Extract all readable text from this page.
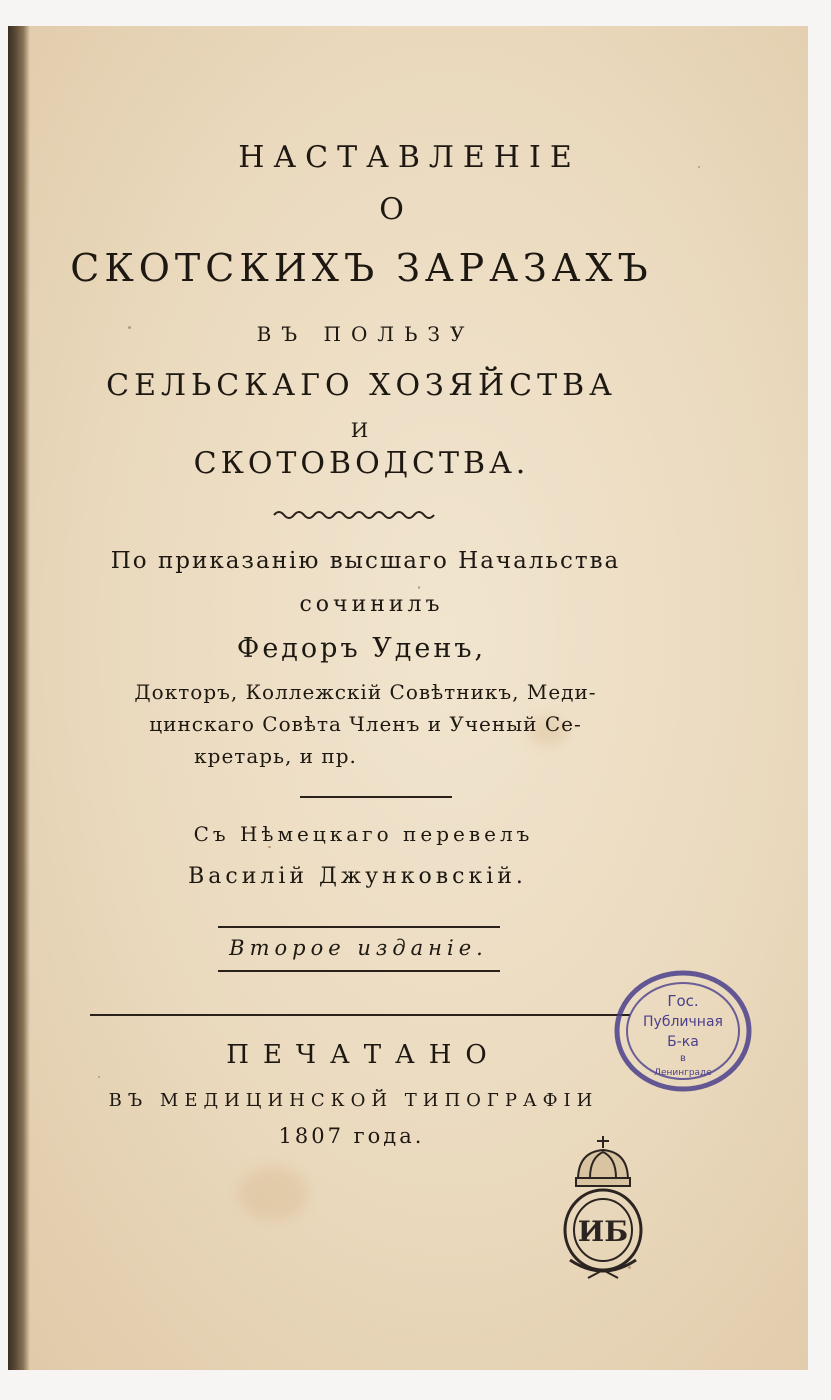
НАСТАВЛЕНІЕ
О
СКОТСКИХЪ ЗАРАЗАХЪ
ВЪ ПОЛЬЗУ
СЕЛЬСКАГО ХОЗЯЙСТВА
И
СКОТОВОДСТВА.
По приказанію высшаго Начальства
сочинилъ
Федоръ Уденъ,
Докторъ, Коллежскій Совѣтникъ, Меди-
цинскаго Совѣта Членъ и Ученый Се-
кретарь, и пр.
Съ Нѣмецкаго перевелъ
Василій Джунковскій.
Второе изданіе.
ПЕЧАТАНО
ВЪ МЕДИЦИНСКОЙ ТИПОГРАФІИ
1807 года.
Гос.
Публичная
Б-ка
в
Ленинграде
ИБ
